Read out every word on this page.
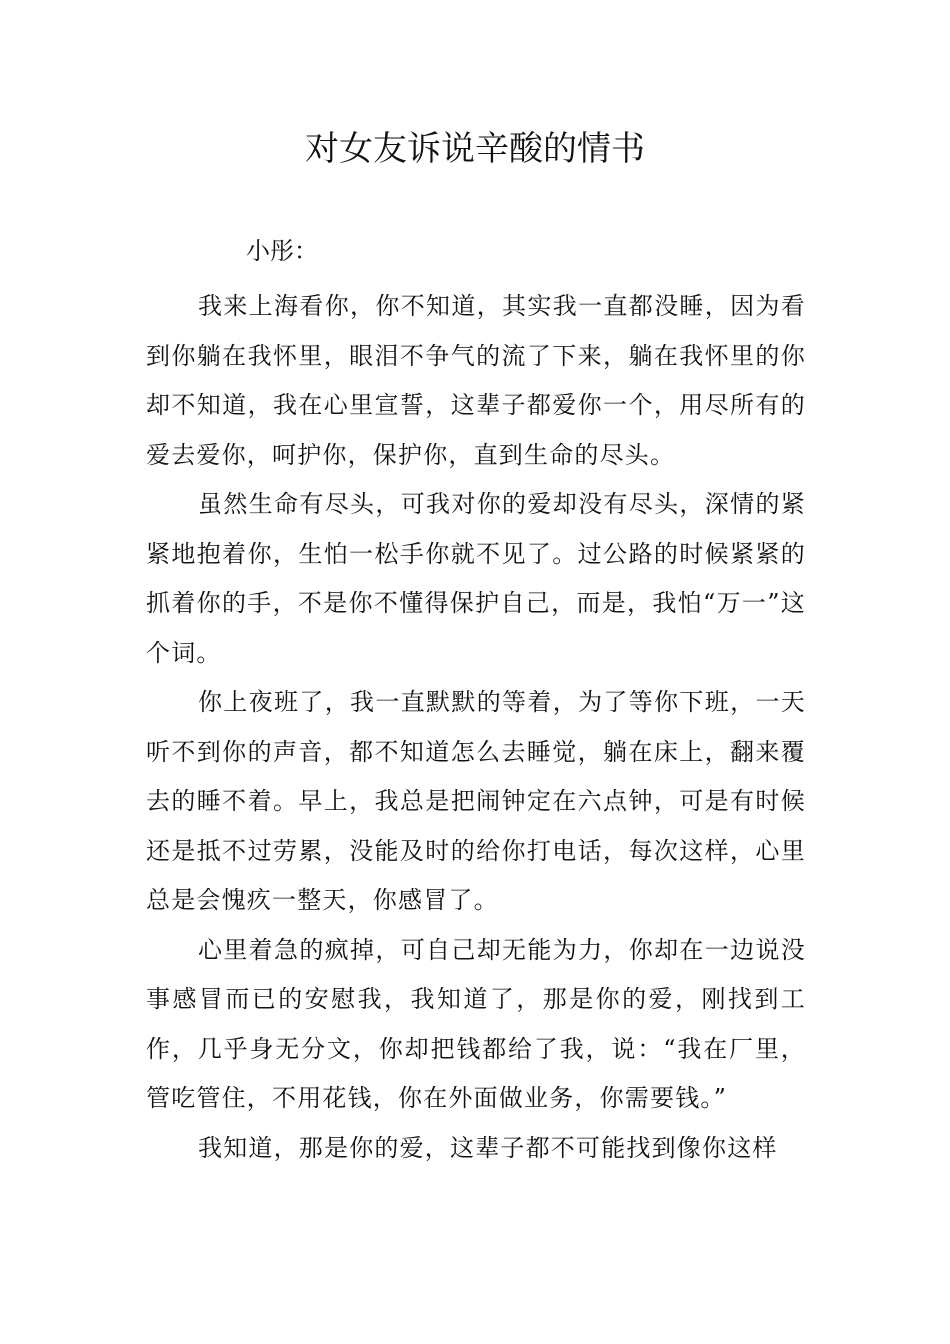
对女友诉说辛酸的情书

小彤：

我来上海看你，你不知道，其实我一直都没睡，因为看到你躺在我怀里，眼泪不争气的流了下来，躺在我怀里的你却不知道，我在心里宣誓，这辈子都爱你一个，用尽所有的爱去爱你，呵护你，保护你，直到生命的尽头。

虽然生命有尽头，可我对你的爱却没有尽头，深情的紧紧地抱着你，生怕一松手你就不见了。过公路的时候紧紧的抓着你的手，不是你不懂得保护自己，而是，我怕“万一”这个词。

你上夜班了，我一直默默的等着，为了等你下班，一天听不到你的声音，都不知道怎么去睡觉，躺在床上，翻来覆去的睡不着。早上，我总是把闹钟定在六点钟，可是有时候还是抵不过劳累，没能及时的给你打电话，每次这样，心里总是会愧疚一整天，你感冒了。

心里着急的疯掉，可自己却无能为力，你却在一边说没事感冒而已的安慰我，我知道了，那是你的爱，刚找到工作，几乎身无分文，你却把钱都给了我，说：“我在厂里， 管吃管住，不用花钱，你在外面做业务，你需要钱。”

我知道，那是你的爱，这辈子都不可能找到像你这样
